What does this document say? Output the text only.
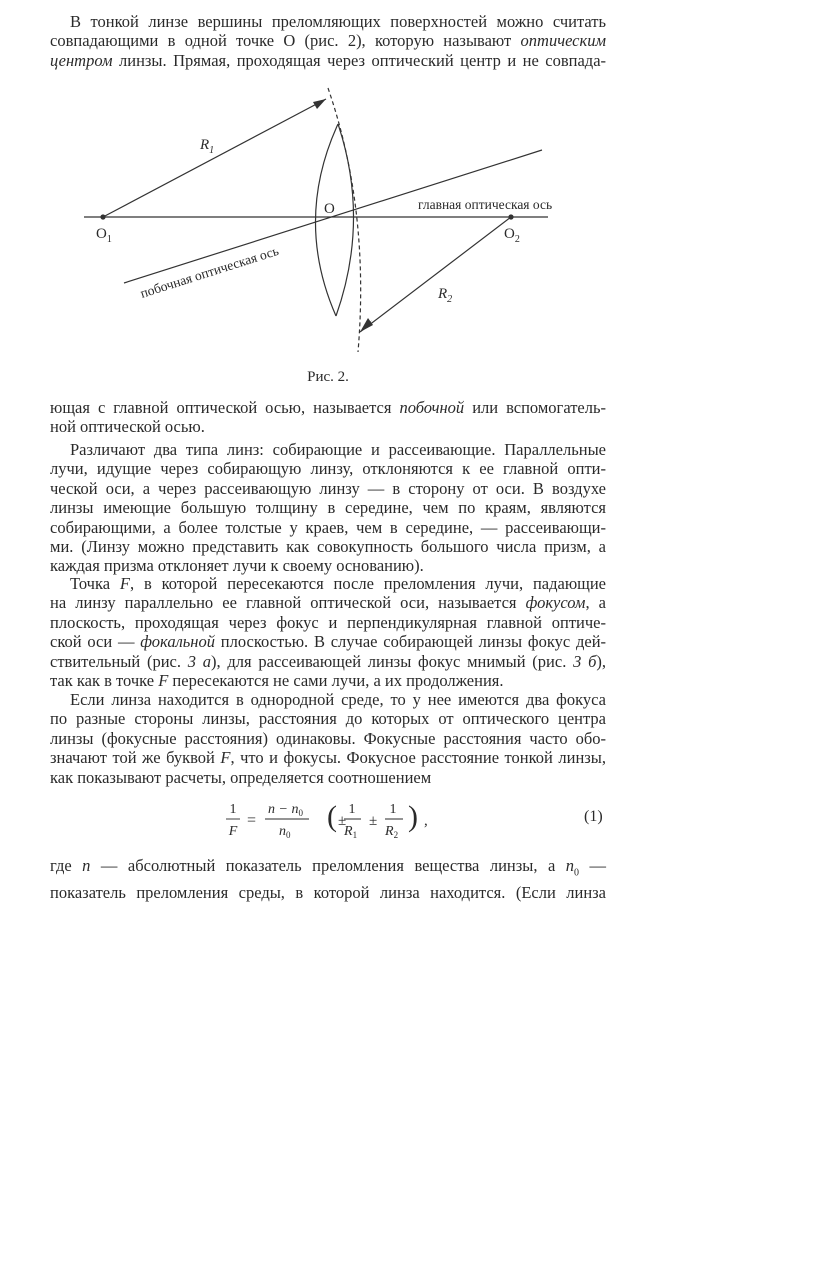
В тонкой линзе вершины преломляющих поверхностей можно считать
совпадающими в одной точке O (рис. 2), которую называют оптическим
центром линзы. Прямая, проходящая через оптический центр и не совпада-

$R_1$
$R_2$
O
$O_1$	$O_2$
главная оптическая ось
побочная оптическая ось
Рис. 2.

ющая с главной оптической осью, называется побочной или вспомогатель-
ной оптической осью.

Различают два типа линз: собирающие и рассеивающие. Параллельные
лучи, идущие через собирающую линзу, отклоняются к ее главной опти-
ческой оси, а через рассеивающую линзу — в сторону от оси. В воздухе
линзы имеющие большую толщину в середине, чем по краям, являются
собирающими, а более толстые у краев, чем в середине, — рассеивающи-
ми. (Линзу можно представить как совокупность большого числа призм, а
каждая призма отклоняет лучи к своему основанию).

Точка F, в которой пересекаются после преломления лучи, падающие
на линзу параллельно ее главной оптической оси, называется фокусом, а
плоскость, проходящая через фокус и перпендикулярная главной оптиче-
ской оси — фокальной плоскостью. В случае собирающей линзы фокус дей-
ствительный (рис. 3 а), для рассеивающей линзы фокус мнимый (рис. 3 б),
так как в точке F пересекаются не сами лучи, а их продолжения.

Если линза находится в однородной среде, то у нее имеются два фокуса
по разные стороны линзы, расстояния до которых от оптического центра
линзы (фокусные расстояния) одинаковы. Фокусные расстояния часто обо-
значают той же буквой F, что и фокусы. Фокусное расстояние тонкой линзы,
как показывают расчеты, определяется соотношением

1
F
=
$n - n_0$
$n_0$
( ±
1
$R_1$
±
1
$R_2$
) ,	(1)

где n — абсолютный показатель преломления вещества линзы, а $n_0$ —
показатель преломления среды, в которой линза находится. (Если линза
